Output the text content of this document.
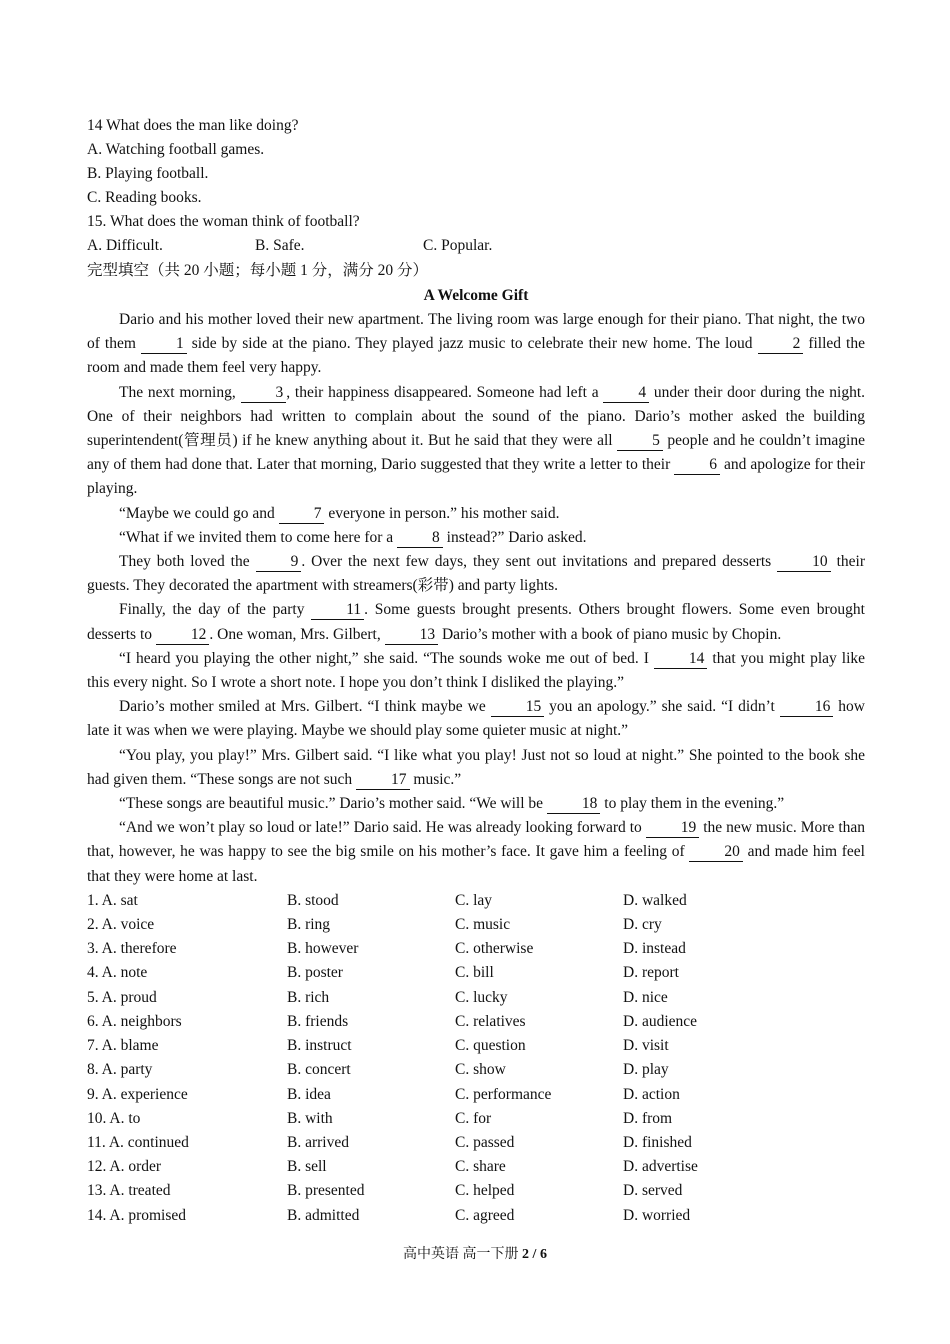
14 What does the man like doing?

A. Watching football games.

B. Playing football.

C. Reading books.

15. What does the woman think of football?

A. Difficult.	B. Safe.	C. Popular.

完型填空（共 20 小题；每小题 1 分，满分 20 分）

A Welcome Gift

Dario and his mother loved their new apartment. The living room was large enough for their piano. That night, the two of them 1 side by side at the piano. They played jazz music to celebrate their new home. The loud 2 filled the room and made them feel very happy.

The next morning, 3 , their happiness disappeared. Someone had left a 4 under their door during the night. One of their neighbors had written to complain about the sound of the piano. Dario’s mother asked the building superintendent(管理员) if he knew anything about it. But he said that they were all 5 people and he couldn’t imagine any of them had done that. Later that morning, Dario suggested that they write a letter to their 6 and apologize for their playing.

“Maybe we could go and 7 everyone in person.” his mother said.

“What if we invited them to come here for a 8 instead?” Dario asked.

They both loved the 9 . Over the next few days, they sent out invitations and prepared desserts 10 their guests. They decorated the apartment with streamers(彩带) and party lights.

Finally, the day of the party 11 . Some guests brought presents. Others brought flowers. Some even brought desserts to 12 . One woman, Mrs. Gilbert, 13 Dario’s mother with a book of piano music by Chopin.

“I heard you playing the other night,” she said. “The sounds woke me out of bed. I 14 that you might play like this every night. So I wrote a short note. I hope you don’t think I disliked the playing.”

Dario’s mother smiled at Mrs. Gilbert. “I think maybe we 15 you an apology.” she said. “I didn’t 16 how late it was when we were playing. Maybe we should play some quieter music at night.”

“You play, you play!” Mrs. Gilbert said. “I like what you play! Just not so loud at night.” She pointed to the book she had given them. “These songs are not such 17 music.”

“These songs are beautiful music.” Dario’s mother said. “We will be 18 to play them in the evening.”

“And we won’t play so loud or late!” Dario said. He was already looking forward to 19 the new music. More than that, however, he was happy to see the big smile on his mother’s face. It gave him a feeling of 20 and made him feel that they were home at last.

1. A. sat	B. stood	C. lay	D. walked
2. A. voice	B. ring	C. music	D. cry
3. A. therefore	B. however	C. otherwise	D. instead
4. A. note	B. poster	C. bill	D. report
5. A. proud	B. rich	C. lucky	D. nice
6. A. neighbors	B. friends	C. relatives	D. audience
7. A. blame	B. instruct	C. question	D. visit
8. A. party	B. concert	C. show	D. play
9. A. experience	B. idea	C. performance	D. action
10. A. to	B. with	C. for	D. from
11. A. continued	B. arrived	C. passed	D. finished
12. A. order	B. sell	C. share	D. advertise
13. A. treated	B. presented	C. helped	D. served
14. A. promised	B. admitted	C. agreed	D. worried
高中英语 高一下册 2 / 6
